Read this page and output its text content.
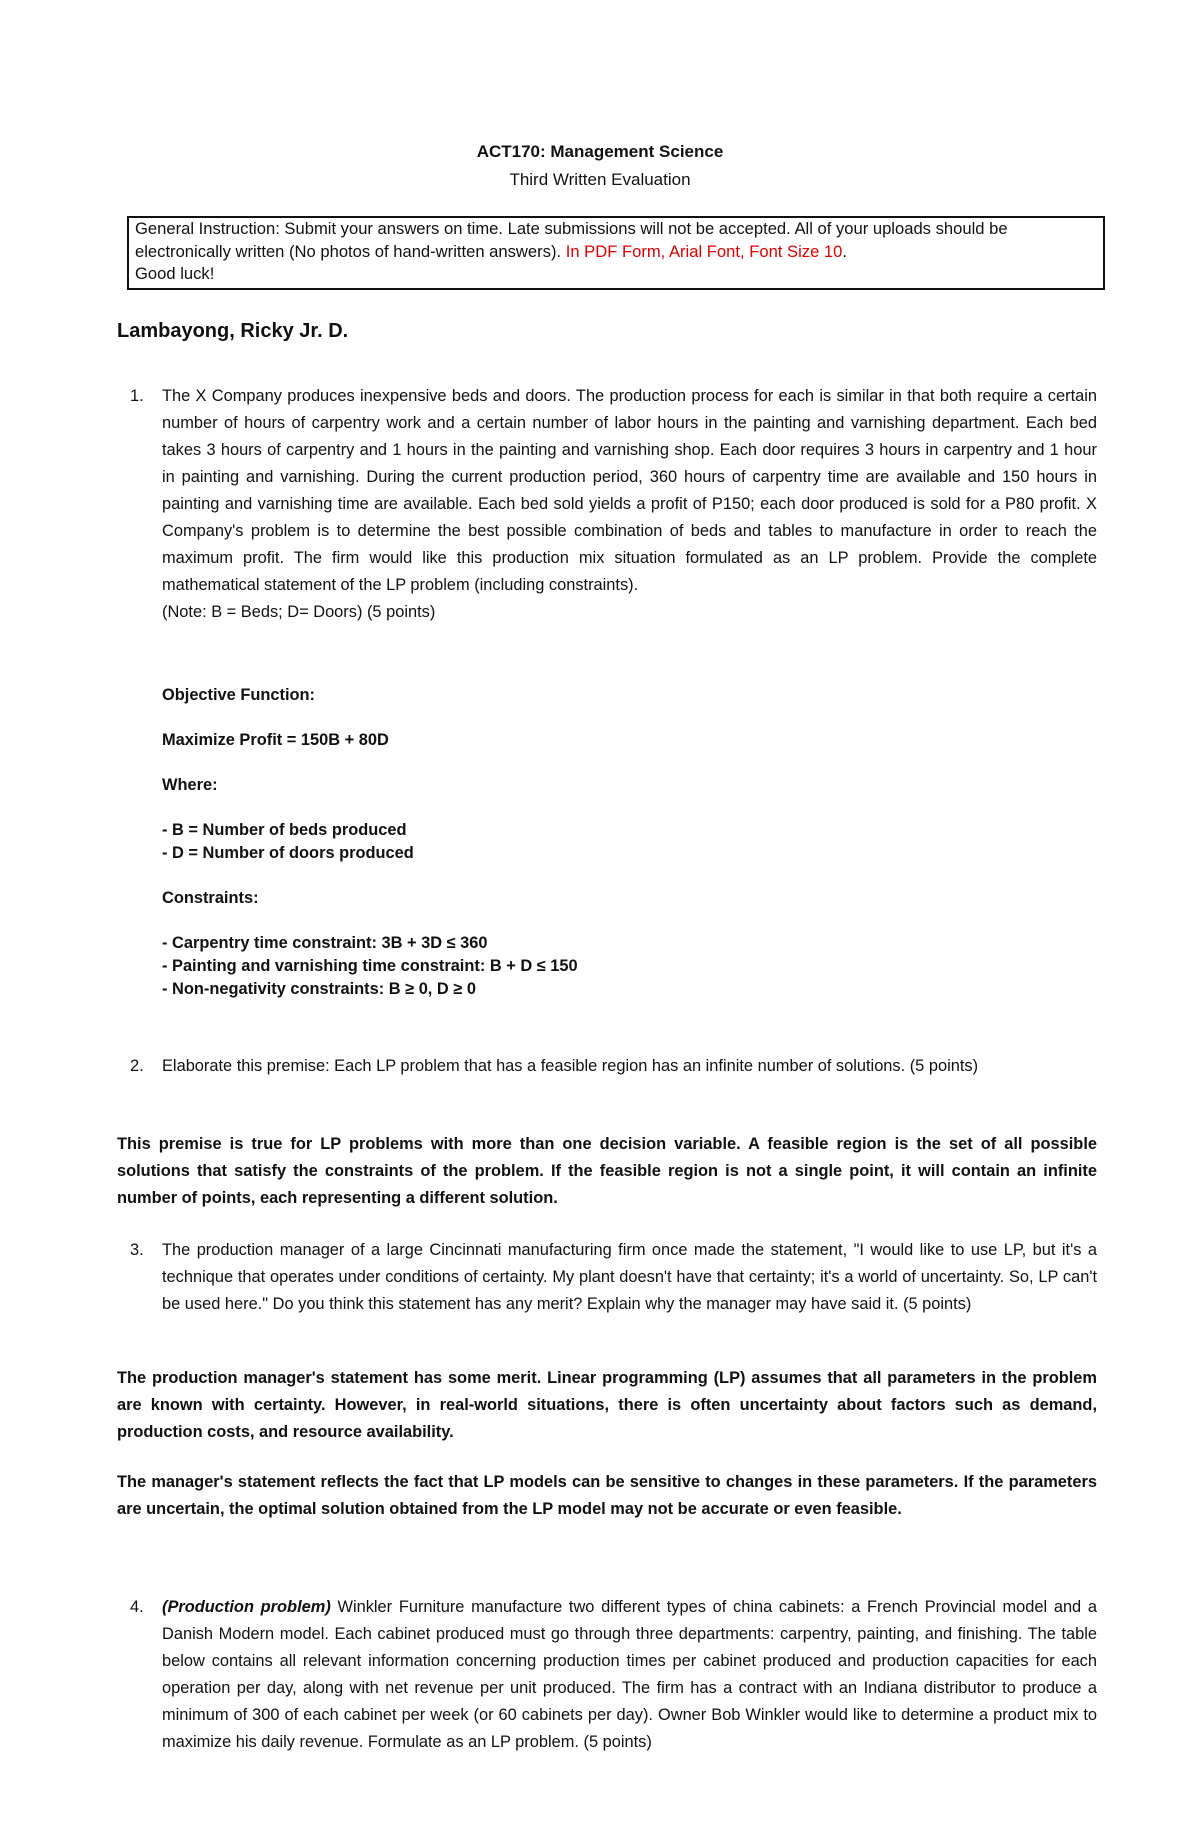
ACT170: Management Science
Third Written Evaluation
General Instruction: Submit your answers on time. Late submissions will not be accepted. All of your uploads should be electronically written (No photos of hand-written answers). In PDF Form, Arial Font, Font Size 10.
Good luck!
Lambayong, Ricky Jr. D.
1. The X Company produces inexpensive beds and doors. The production process for each is similar in that both require a certain number of hours of carpentry work and a certain number of labor hours in the painting and varnishing department. Each bed takes 3 hours of carpentry and 1 hours in the painting and varnishing shop. Each door requires 3 hours in carpentry and 1 hour in painting and varnishing. During the current production period, 360 hours of carpentry time are available and 150 hours in painting and varnishing time are available. Each bed sold yields a profit of P150; each door produced is sold for a P80 profit. X Company's problem is to determine the best possible combination of beds and tables to manufacture in order to reach the maximum profit. The firm would like this production mix situation formulated as an LP problem. Provide the complete mathematical statement of the LP problem (including constraints).

(Note: B = Beds; D= Doors) (5 points)

Objective Function:

Maximize Profit = 150B + 80D

Where:

- B = Number of beds produced

- D = Number of doors produced

Constraints:

- Carpentry time constraint: 3B + 3D ≤ 360

- Painting and varnishing time constraint: B + D ≤ 150

- Non-negativity constraints: B ≥ 0, D ≥ 0

2. Elaborate this premise: Each LP problem that has a feasible region has an infinite number of solutions. (5 points)

This premise is true for LP problems with more than one decision variable. A feasible region is the set of all possible solutions that satisfy the constraints of the problem. If the feasible region is not a single point, it will contain an infinite number of points, each representing a different solution.

3. The production manager of a large Cincinnati manufacturing firm once made the statement, "I would like to use LP, but it's a technique that operates under conditions of certainty. My plant doesn't have that certainty; it's a world of uncertainty. So, LP can't be used here." Do you think this statement has any merit? Explain why the manager may have said it. (5 points)

The production manager's statement has some merit. Linear programming (LP) assumes that all parameters in the problem are known with certainty. However, in real-world situations, there is often uncertainty about factors such as demand, production costs, and resource availability.

The manager's statement reflects the fact that LP models can be sensitive to changes in these parameters. If the parameters are uncertain, the optimal solution obtained from the LP model may not be accurate or even feasible.

4. (Production problem) Winkler Furniture manufacture two different types of china cabinets: a French Provincial model and a Danish Modern model. Each cabinet produced must go through three departments: carpentry, painting, and finishing. The table below contains all relevant information concerning production times per cabinet produced and production capacities for each operation per day, along with net revenue per unit produced. The firm has a contract with an Indiana distributor to produce a minimum of 300 of each cabinet per week (or 60 cabinets per day). Owner Bob Winkler would like to determine a product mix to maximize his daily revenue. Formulate as an LP problem. (5 points)
